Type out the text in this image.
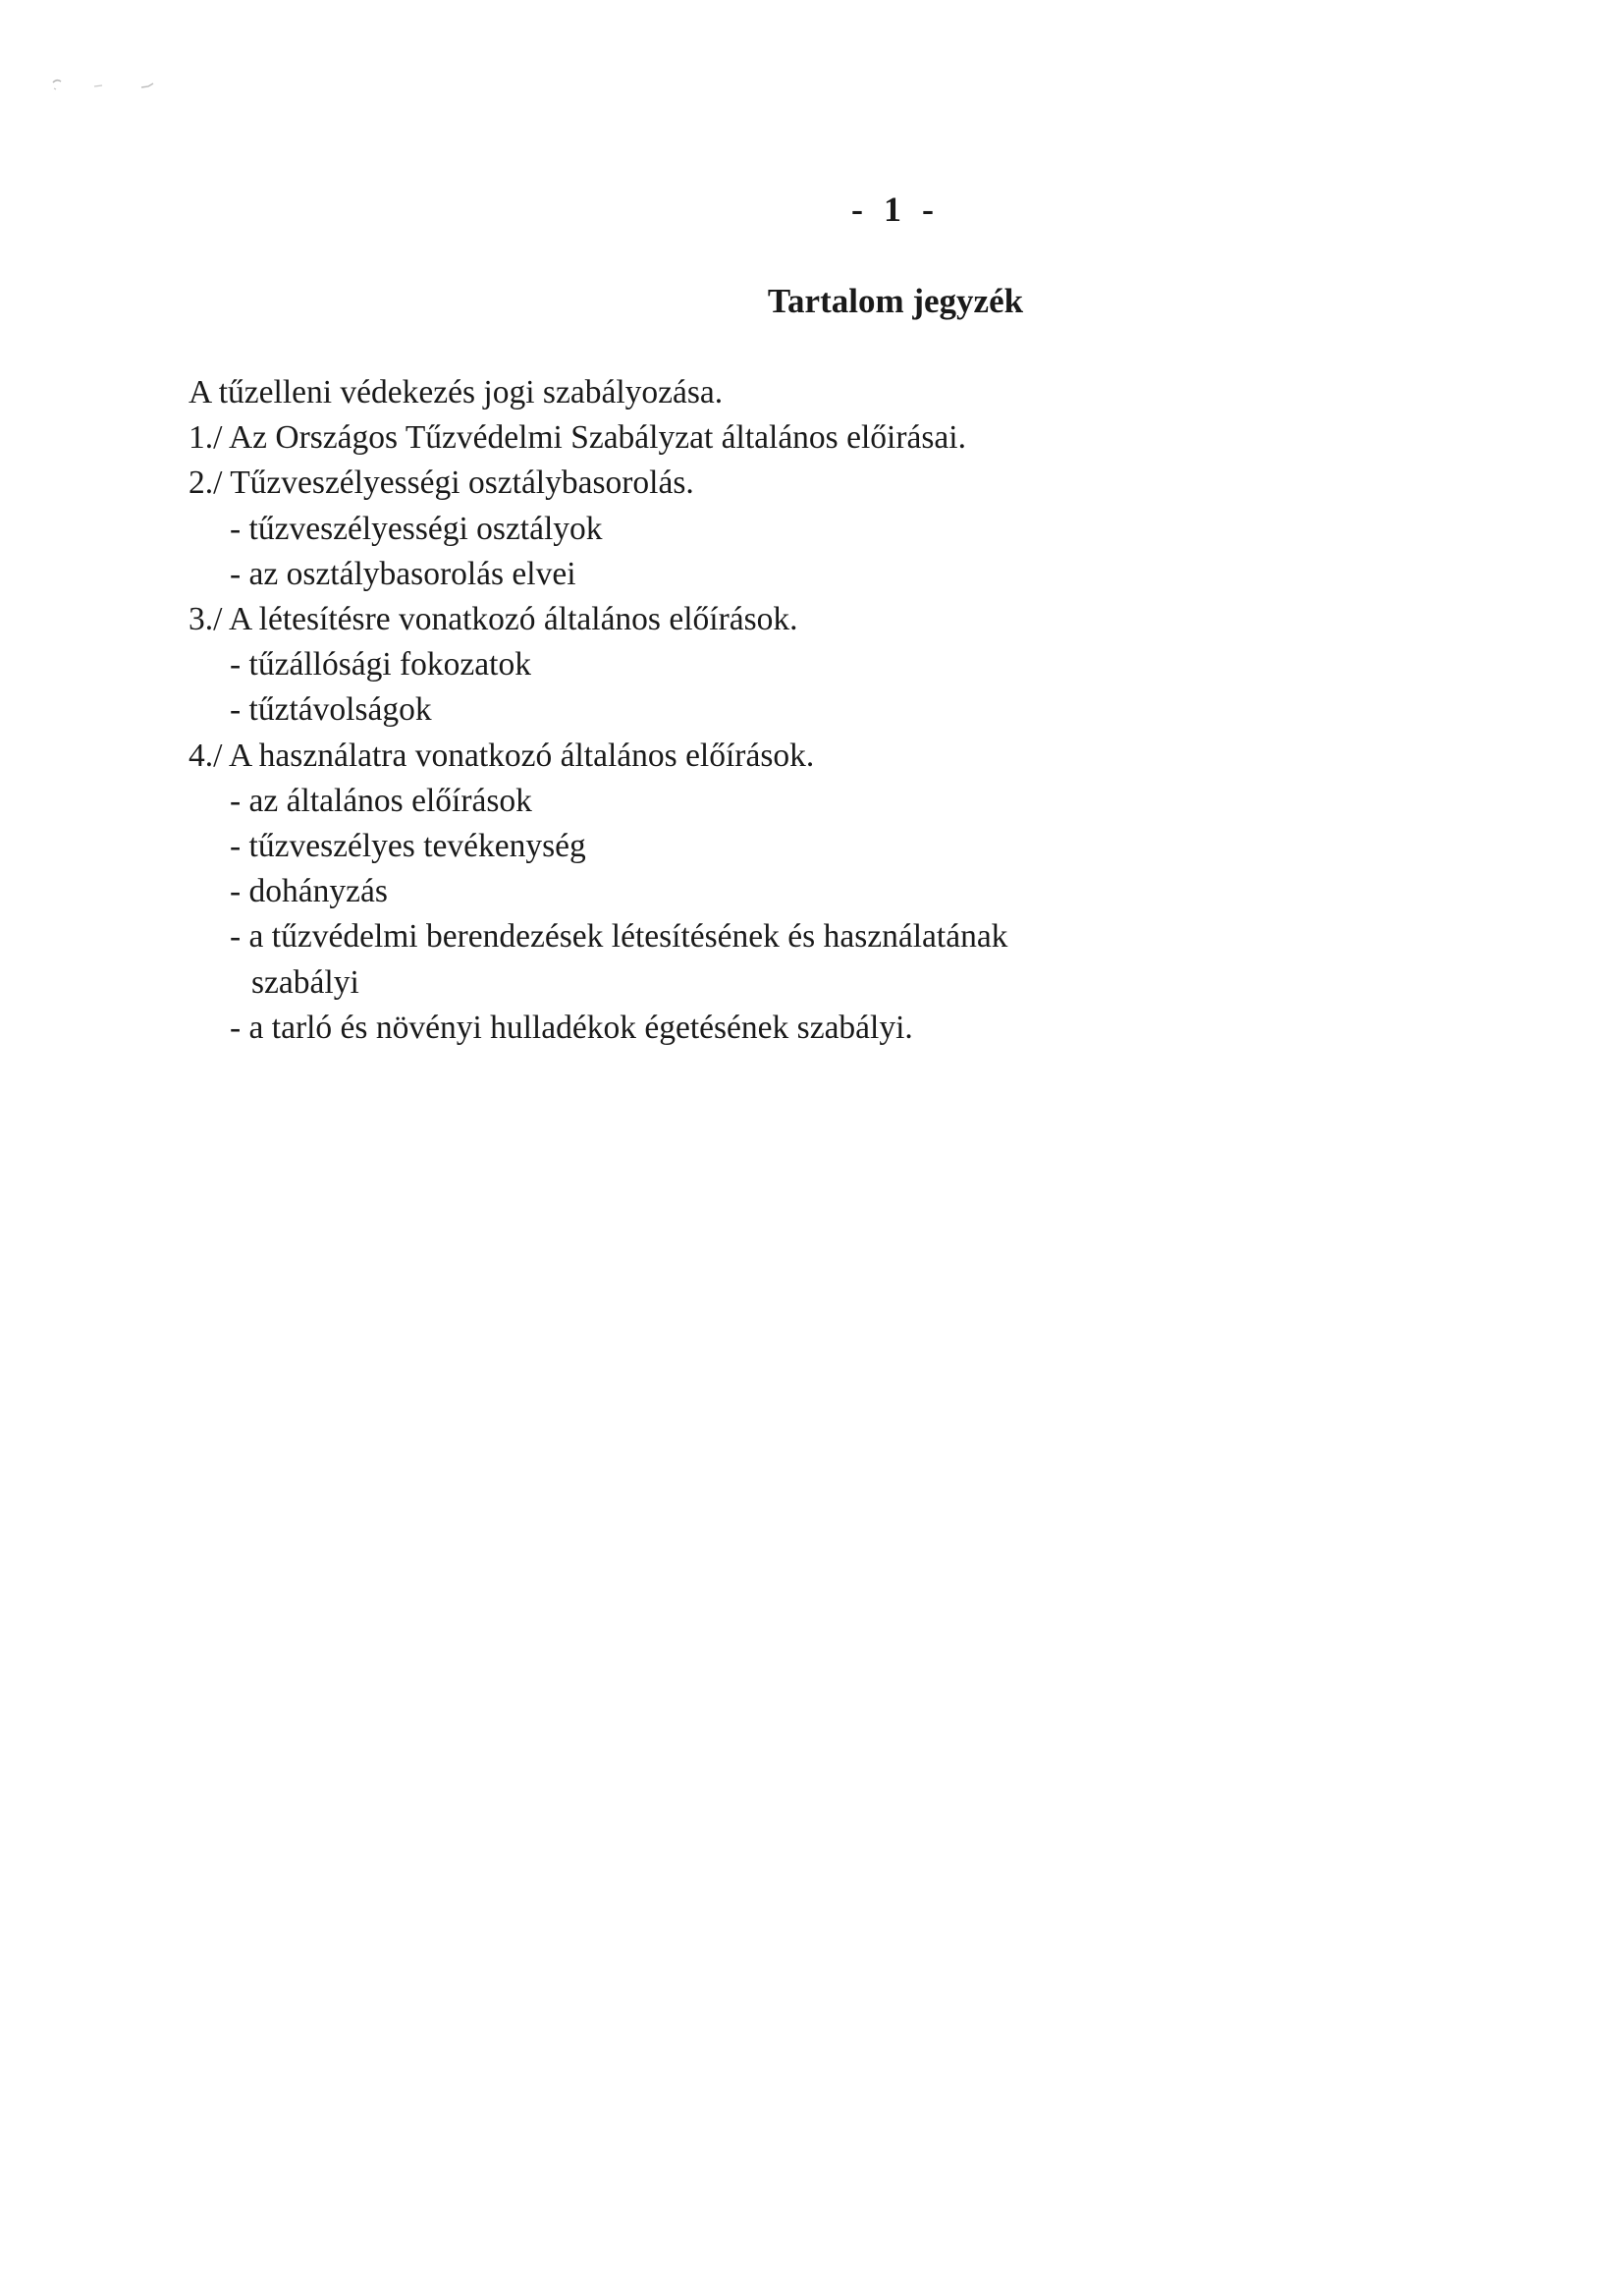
- 1 -
Tartalom jegyzék
A tűzelleni védekezés jogi szabályozása.
1./ Az Országos Tűzvédelmi Szabályzat általános előirásai.
2./ Tűzveszélyességi osztálybasorolás.
- tűzveszélyességi osztályok
- az osztálybasorolás elvei
3./ A létesítésre vonatkozó általános előírások.
- tűzállósági fokozatok
- tűztávolságok
4./ A használatra vonatkozó általános előírások.
- az általános előírások
- tűzveszélyes tevékenység
- dohányzás
- a tűzvédelmi berendezések létesítésének és használatának
szabályi
- a tarló és növényi hulladékok égetésének szabályi.
